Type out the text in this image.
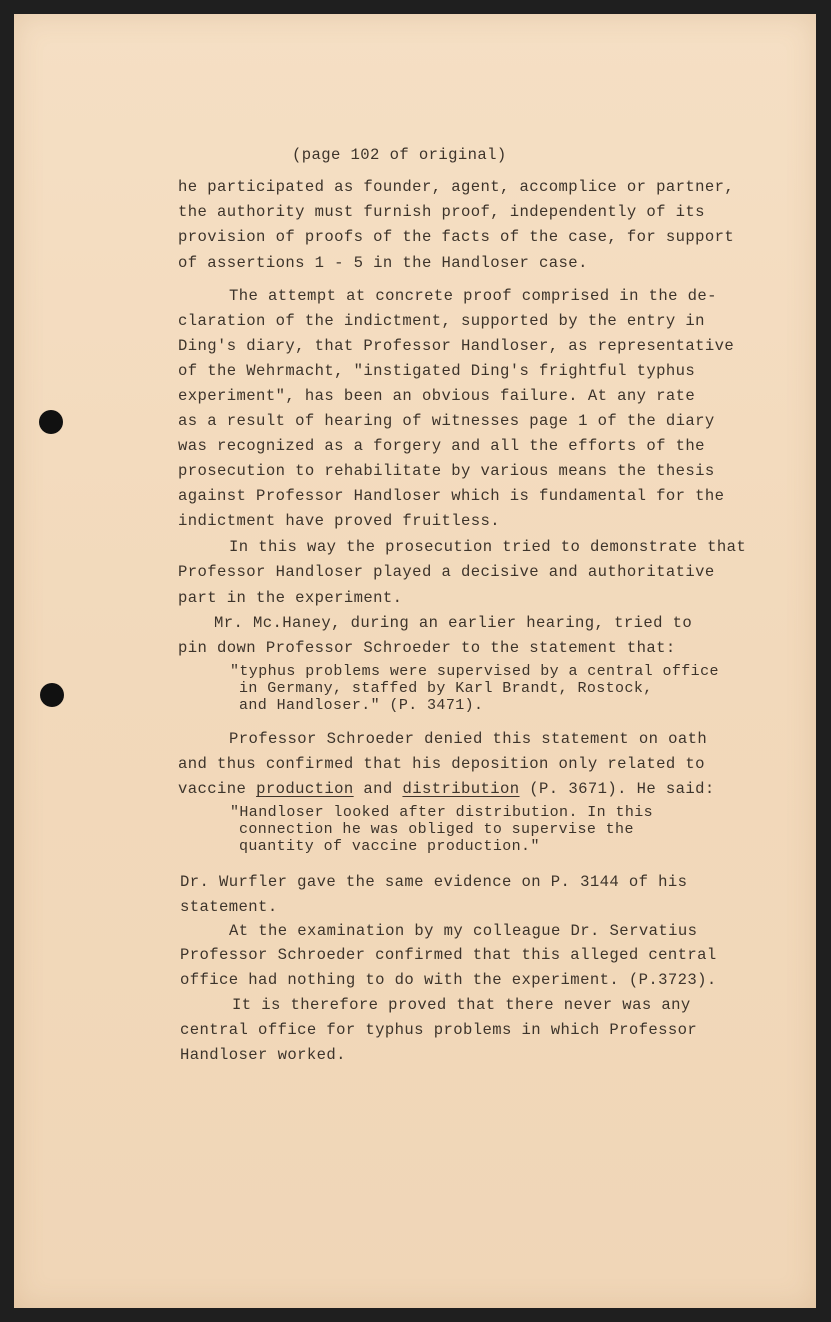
(page 102 of original)
he participated as founder, agent, accomplice or partner,
the authority must furnish proof, independently of its
provision of proofs of the facts of the case, for support
of assertions 1 - 5 in the Handloser case.
The attempt at concrete proof comprised in the de-
claration of the indictment, supported by the entry in
Ding's diary, that Professor Handloser, as representative
of the Wehrmacht, "instigated Ding's frightful typhus
experiment", has been an obvious failure. At any rate
as a result of hearing of witnesses page 1 of the diary
was recognized as a forgery and all the efforts of the
prosecution to rehabilitate by various means the thesis
against Professor Handloser which is fundamental for the
indictment have proved fruitless.
In this way the prosecution tried to demonstrate that
Professor Handloser played a decisive and authoritative
part in the experiment.
Mr. Mc.Haney, during an earlier hearing, tried to
pin down Professor Schroeder to the statement that:
"typhus problems were supervised by a central office
in Germany, staffed by Karl Brandt, Rostock,
and Handloser." (P. 3471).
Professor Schroeder denied this statement on oath
and thus confirmed that his deposition only related to
vaccine production and distribution (P. 3671). He said:
"Handloser looked after distribution. In this
connection he was obliged to supervise the
quantity of vaccine production."
Dr. Wurfler gave the same evidence on P. 3144 of his
statement.
At the examination by my colleague Dr. Servatius
Professor Schroeder confirmed that this alleged central
office had nothing to do with the experiment. (P.3723).
It is therefore proved that there never was any
central office for typhus problems in which Professor
Handloser worked.
